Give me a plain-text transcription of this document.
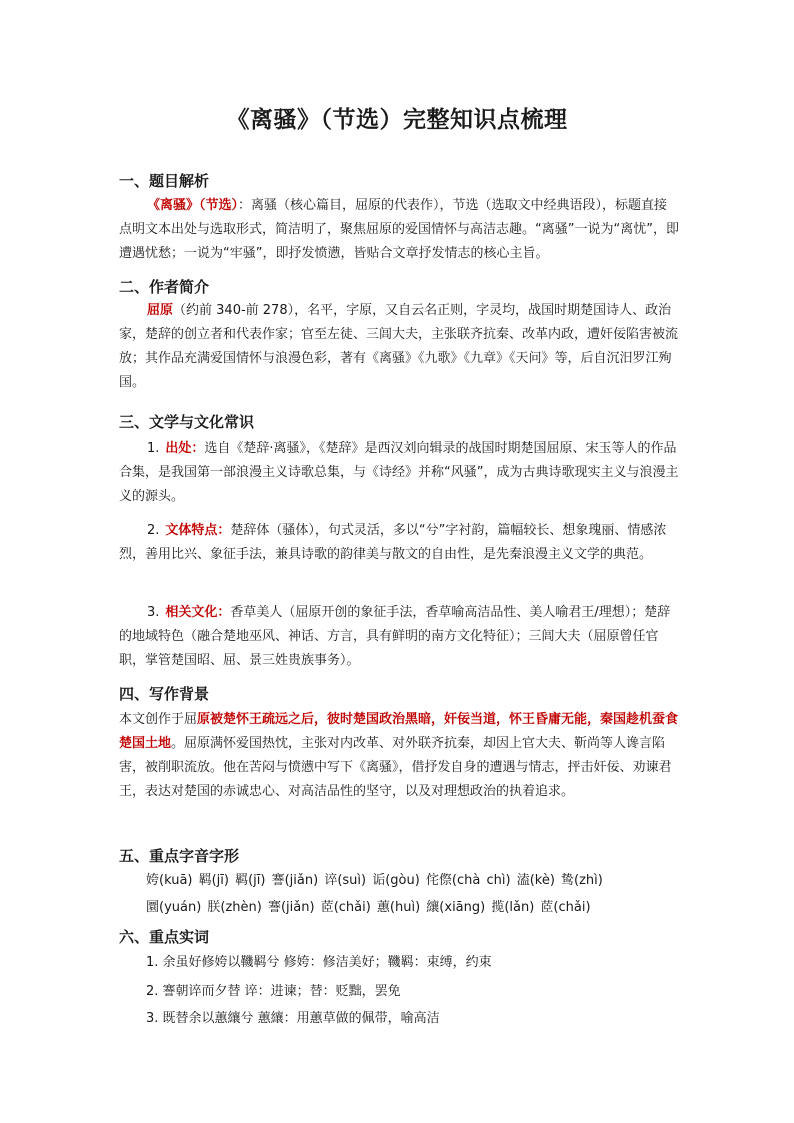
《离骚》（节选）完整知识点梳理
一、题目解析
《离骚》（节选）：离骚（核心篇目，屈原的代表作），节选（选取文中经典语段），标题直接点明文本出处与选取形式，简洁明了，聚焦屈原的爱国情怀与高洁志趣。“离骚”一说为“离忧”，即遭遇忧愁；一说为“牢骚”，即抒发愤懑，皆贴合文章抒发情志的核心主旨。
二、作者简介
屈原（约前 340-前 278），名平，字原，又自云名正则，字灵均，战国时期楚国诗人、政治家，楚辞的创立者和代表作家；官至左徒、三闾大夫，主张联齐抗秦、改革内政，遭奸佞陷害被流放；其作品充满爱国情怀与浪漫色彩，著有《离骚》《九歌》《九章》《天问》等，后自沉汨罗江殉国。
三、文学与文化常识
1. 出处：选自《楚辞·离骚》，《楚辞》是西汉刘向辑录的战国时期楚国屈原、宋玉等人的作品合集，是我国第一部浪漫主义诗歌总集，与《诗经》并称“风骚”，成为古典诗歌现实主义与浪漫主义的源头。
2. 文体特点：楚辞体（骚体），句式灵活，多以“兮”字衬韵，篇幅较长、想象瑰丽、情感浓烈，善用比兴、象征手法，兼具诗歌的韵律美与散文的自由性，是先秦浪漫主义文学的典范。
3. 相关文化：香草美人（屈原开创的象征手法，香草喻高洁品性、美人喻君王/理想）；楚辞的地域特色（融合楚地巫风、神话、方言，具有鲜明的南方文化特征）；三闾大夫（屈原曾任官职，掌管楚国昭、屈、景三姓贵族事务）。
四、写作背景
本文创作于屈原被楚怀王疏远之后，彼时楚国政治黑暗，奸佞当道，怀王昏庸无能，秦国趁机蚕食楚国土地。屈原满怀爱国热忱，主张对内改革、对外联齐抗秦，却因上官大夫、靳尚等人谗言陷害，被削职流放。他在苦闷与愤懑中写下《离骚》，借抒发自身的遭遇与情志，抨击奸佞、劝谏君王，表达对楚国的赤诚忠心、对高洁品性的坚守，以及对理想政治的执着追求。
五、重点字音字形
姱(kuā) 羁(jī) 羁(jī) 謇(jiǎn) 谇(suì) 诟(gòu) 侘傺(chà chì) 溘(kè) 鸷(zhì)
圜(yuán) 朕(zhèn) 謇(jiǎn) 茝(chǎi) 蕙(huì) 纕(xiāng) 揽(lǎn) 茝(chǎi)
六、重点实词
1. 余虽好修姱以鞿羁兮 修姱：修洁美好；鞿羁：束缚，约束
2. 謇朝谇而夕替 谇：进谏；替：贬黜，罢免
3. 既替余以蕙纕兮 蕙纕：用蕙草做的佩带，喻高洁
